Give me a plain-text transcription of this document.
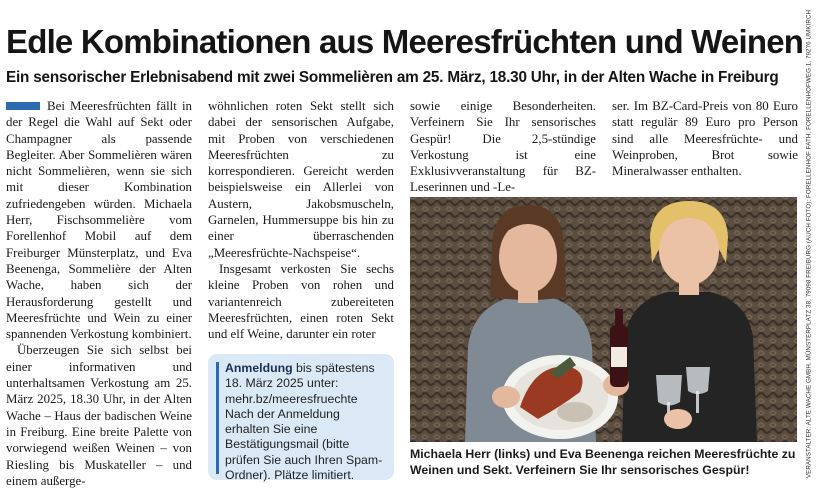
Edle Kombinationen aus Meeresfrüchten und Weinen
Ein sensorischer Erlebnisabend mit zwei Sommelièren am 25. März, 18.30 Uhr, in der Alten Wache in Freiburg

Bei Meeresfrüchten fällt in der Regel die Wahl auf Sekt oder Champagner als passende Begleiter. Aber Sommelièren wären nicht Sommelièren, wenn sie sich mit dieser Kombination zufriedengeben würden. Michaela Herr, Fischsommelière vom Forellenhof Mobil auf dem Freiburger Münsterplatz, und Eva Beenenga, Sommelière der Alten Wache, haben sich der Herausforderung gestellt und Meeresfrüchte und Wein zu einer spannenden Verkostung kombiniert.

Überzeugen Sie sich selbst bei einer informativen und unterhaltsamen Verkostung am 25. März 2025, 18.30 Uhr, in der Alten Wache – Haus der badischen Weine in Freiburg. Eine breite Palette von vorwiegend weißen Weinen – von Riesling bis Muskateller – und einem außerge-

wöhnlichen roten Sekt stellt sich dabei der sensorischen Aufgabe, mit Proben von verschiedenen Meeresfrüchten zu korrespondieren. Gereicht werden beispielsweise ein Allerlei von Austern, Jakobsmuscheln, Garnelen, Hummersuppe bis hin zu einer überraschenden „Meeresfrüchte-Nachspeise“.

Insgesamt verkosten Sie sechs kleine Proben von rohen und variantenreich zubereiteten Meeresfrüchten, einen roten Sekt und elf Weine, darunter ein roter

Anmeldung bis spätestens 18. März 2025 unter: mehr.bz/meeresfruechte Nach der Anmeldung erhalten Sie eine Bestätigungsmail (bitte prüfen Sie auch Ihren Spam-Ordner). Plätze limitiert.

sowie einige Besonderheiten. Verfeinern Sie Ihr sensorisches Gespür! Die 2,5-stündige Verkostung ist eine Exklusivveranstaltung für BZ-Leserinnen und -Le-

ser. Im BZ-Card-Preis von 80 Euro statt regulär 89 Euro pro Person sind alle Meeresfrüchte- und Weinproben, Brot sowie Mineralwasser enthalten.

Michaela Herr (links) und Eva Beenenga reichen Meeresfrüchte zu Weinen und Sekt. Verfeinern Sie Ihr sensorisches Gespür!	VERANSTALTER: ALTE WACHE GMBH, MÜNSTERPLATZ 38, 79098 FREIBURG (AUCH FOTO); FORELLENHOF FATH, FORELLENHOFWEG 1, 79276 UMKIRCH
